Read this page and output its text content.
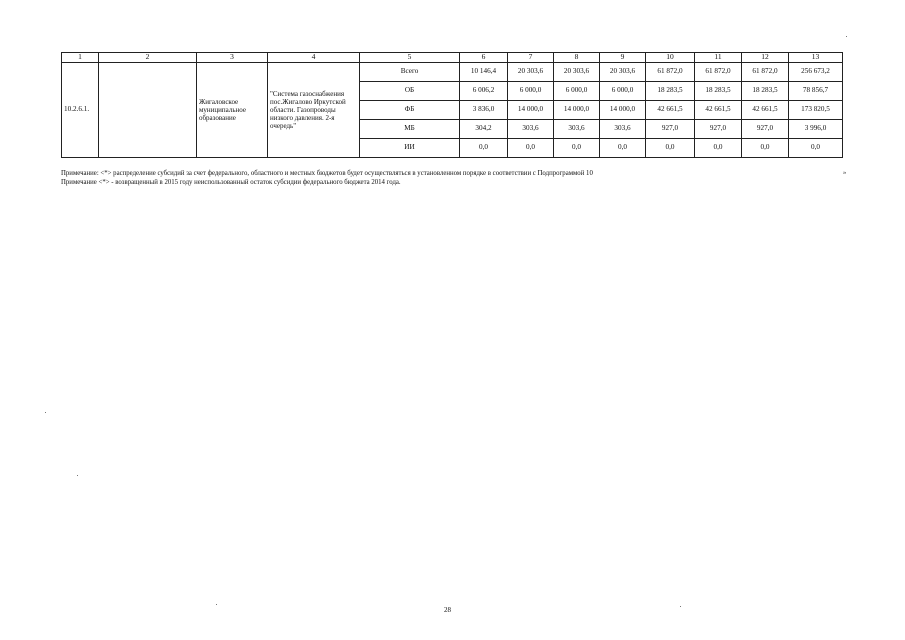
1	2	3	4	5	6	7	8	9	10	11	12	13
10.2.6.1.		Жигаловское муниципальное образование	"Система газоснабжения пос.Жигалово Иркутской области. Газопроводы низкого давления. 2-я очередь"	Всего	10 146,4	20 303,6	20 303,6	20 303,6	61 872,0	61 872,0	61 872,0	256 673,2
				ОБ	6 006,2	6 000,0	6 000,0	6 000,0	18 283,5	18 283,5	18 283,5	78 856,7
				ФБ	3 836,0	14 000,0	14 000,0	14 000,0	42 661,5	42 661,5	42 661,5	173 820,5
				МБ	304,2	303,6	303,6	303,6	927,0	927,0	927,0	3 996,0
				ИИ	0,0	0,0	0,0	0,0	0,0	0,0	0,0	0,0
Примечание: <*> распределение субсидий за счет федерального, областного и местных бюджетов будет осуществляться в установленном порядке в соответствии с Подпрограммой 10
Примечание <*> - возвращенный в 2015 году неиспользованный остаток субсидии федерального бюджета 2014 года.
»
28
